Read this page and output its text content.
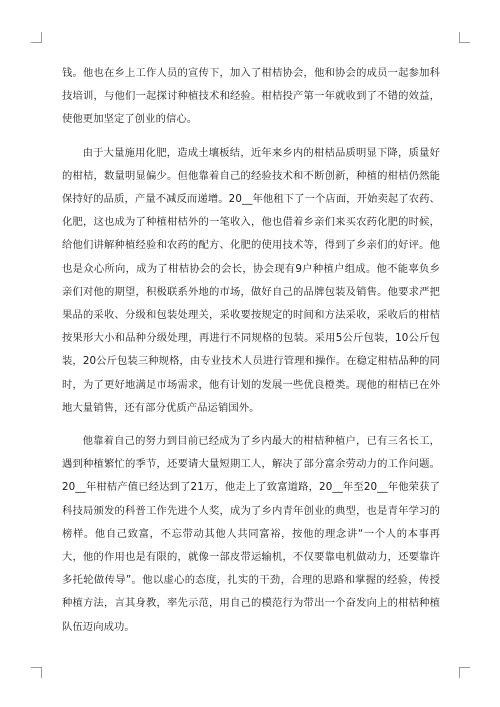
钱。他也在乡上工作人员的宣传下，加入了柑桔协会，他和协会的成员一起参加科技培训，与他们一起探讨种植技术和经验。柑桔投产第一年就收到了不错的效益，使他更加坚定了创业的信心。

由于大量施用化肥，造成土壤板结，近年来乡内的柑桔品质明显下降，质量好的柑桔，数量明显偏少。但他靠着自己的经验技术和不断创新，种植的柑桔仍然能保持好的品质，产量不减反而递增。20__年他租下了一个店面，开始卖起了农药、化肥，这也成为了种植柑桔外的一笔收入，他也借着乡亲们来买农药化肥的时候，给他们讲解种植经验和农药的配方、化肥的使用技术等，得到了乡亲们的好评。他也是众心所向，成为了柑桔协会的会长，协会现有9户种植户组成。他不能辜负乡亲们对他的期望，积极联系外地的市场，做好自己的品牌包装及销售。他要求严把果品的采收、分级和包装处理关，采收要按规定的时间和方法采收，采收后的柑桔按果形大小和品种分级处理，再进行不同规格的包装。采用5公斤包装，10公斤包装，20公斤包装三种规格，由专业技术人员进行管理和操作。在稳定柑桔品种的同时，为了更好地满足市场需求，他有计划的发展一些优良橙类。现他的柑桔已在外地大量销售，还有部分优质产品运销国外。

他靠着自己的努力到目前已经成为了乡内最大的柑桔种植户，已有三名长工，遇到种植繁忙的季节，还要请大量短期工人，解决了部分富余劳动力的工作问题。20__年柑桔产值已经达到了21万，他走上了致富道路，20__年至20__年他荣获了科技局颁发的科普工作先进个人奖，成为了乡内青年创业的典型，也是青年学习的榜样。他自己致富，不忘带动其他人共同富裕，按他的理念讲“一个人的本事再大，他的作用也是有限的，就像一部皮带运输机，不仅要靠电机做动力，还要靠许多托轮做传导”。他以虚心的态度，扎实的干劲，合理的思路和掌握的经验，传授种植方法，言其身教，率先示范，用自己的模范行为带出一个奋发向上的柑桔种植队伍迈向成功。
